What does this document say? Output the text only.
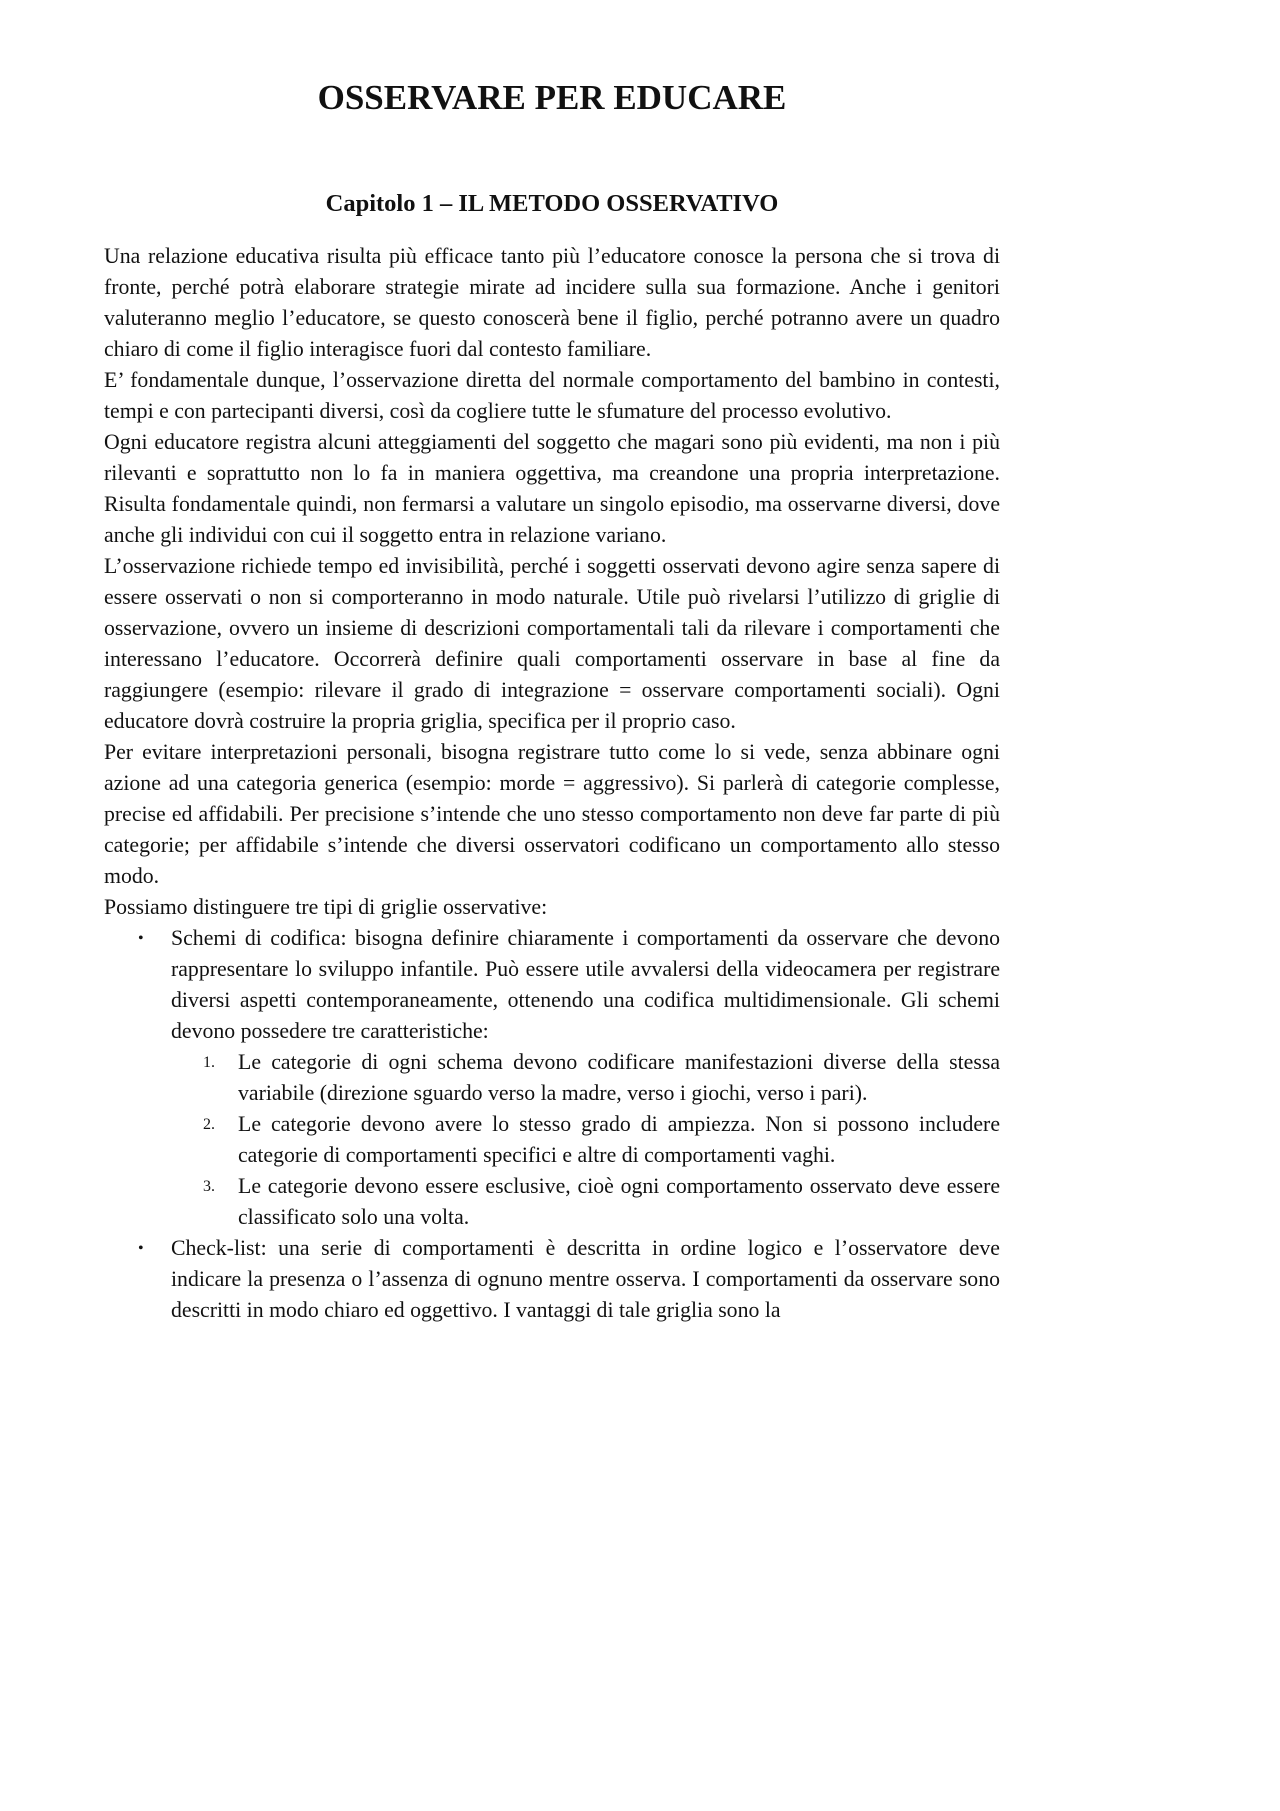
OSSERVARE PER EDUCARE
Capitolo 1 – IL METODO OSSERVATIVO

Una relazione educativa risulta più efficace tanto più l’educatore conosce la persona che si trova di fronte, perché potrà elaborare strategie mirate ad incidere sulla sua formazione. Anche i genitori valuteranno meglio l’educatore, se questo conoscerà bene il figlio, perché potranno avere un quadro chiaro di come il figlio interagisce fuori dal contesto familiare.

E’ fondamentale dunque, l’osservazione diretta del normale comportamento del bambino in contesti, tempi e con partecipanti diversi, così da cogliere tutte le sfumature del processo evolutivo.

Ogni educatore registra alcuni atteggiamenti del soggetto che magari sono più evidenti, ma non i più rilevanti e soprattutto non lo fa in maniera oggettiva, ma creandone una propria interpretazione. Risulta fondamentale quindi, non fermarsi a valutare un singolo episodio, ma osservarne diversi, dove anche gli individui con cui il soggetto entra in relazione variano.

L’osservazione richiede tempo ed invisibilità, perché i soggetti osservati devono agire senza sapere di essere osservati o non si comporteranno in modo naturale. Utile può rivelarsi l’utilizzo di griglie di osservazione, ovvero un insieme di descrizioni comportamentali tali da rilevare i comportamenti che interessano l’educatore. Occorrerà definire quali comportamenti osservare in base al fine da raggiungere (esempio: rilevare il grado di integrazione = osservare comportamenti sociali). Ogni educatore dovrà costruire la propria griglia, specifica per il proprio caso.

Per evitare interpretazioni personali, bisogna registrare tutto come lo si vede, senza abbinare ogni azione ad una categoria generica (esempio: morde = aggressivo). Si parlerà di categorie complesse, precise ed affidabili. Per precisione s’intende che uno stesso comportamento non deve far parte di più categorie; per affidabile s’intende che diversi osservatori codificano un comportamento allo stesso modo.

Possiamo distinguere tre tipi di griglie osservative:

• Schemi di codifica: bisogna definire chiaramente i comportamenti da osservare che devono rappresentare lo sviluppo infantile. Può essere utile avvalersi della videocamera per registrare diversi aspetti contemporaneamente, ottenendo una codifica multidimensionale. Gli schemi devono possedere tre caratteristiche:
1. Le categorie di ogni schema devono codificare manifestazioni diverse della stessa variabile (direzione sguardo verso la madre, verso i giochi, verso i pari).
2. Le categorie devono avere lo stesso grado di ampiezza. Non si possono includere categorie di comportamenti specifici e altre di comportamenti vaghi.
3. Le categorie devono essere esclusive, cioè ogni comportamento osservato deve essere classificato solo una volta.
• Check-list: una serie di comportamenti è descritta in ordine logico e l’osservatore deve indicare la presenza o l’assenza di ognuno mentre osserva. I comportamenti da osservare sono descritti in modo chiaro ed oggettivo. I vantaggi di tale griglia sono la
